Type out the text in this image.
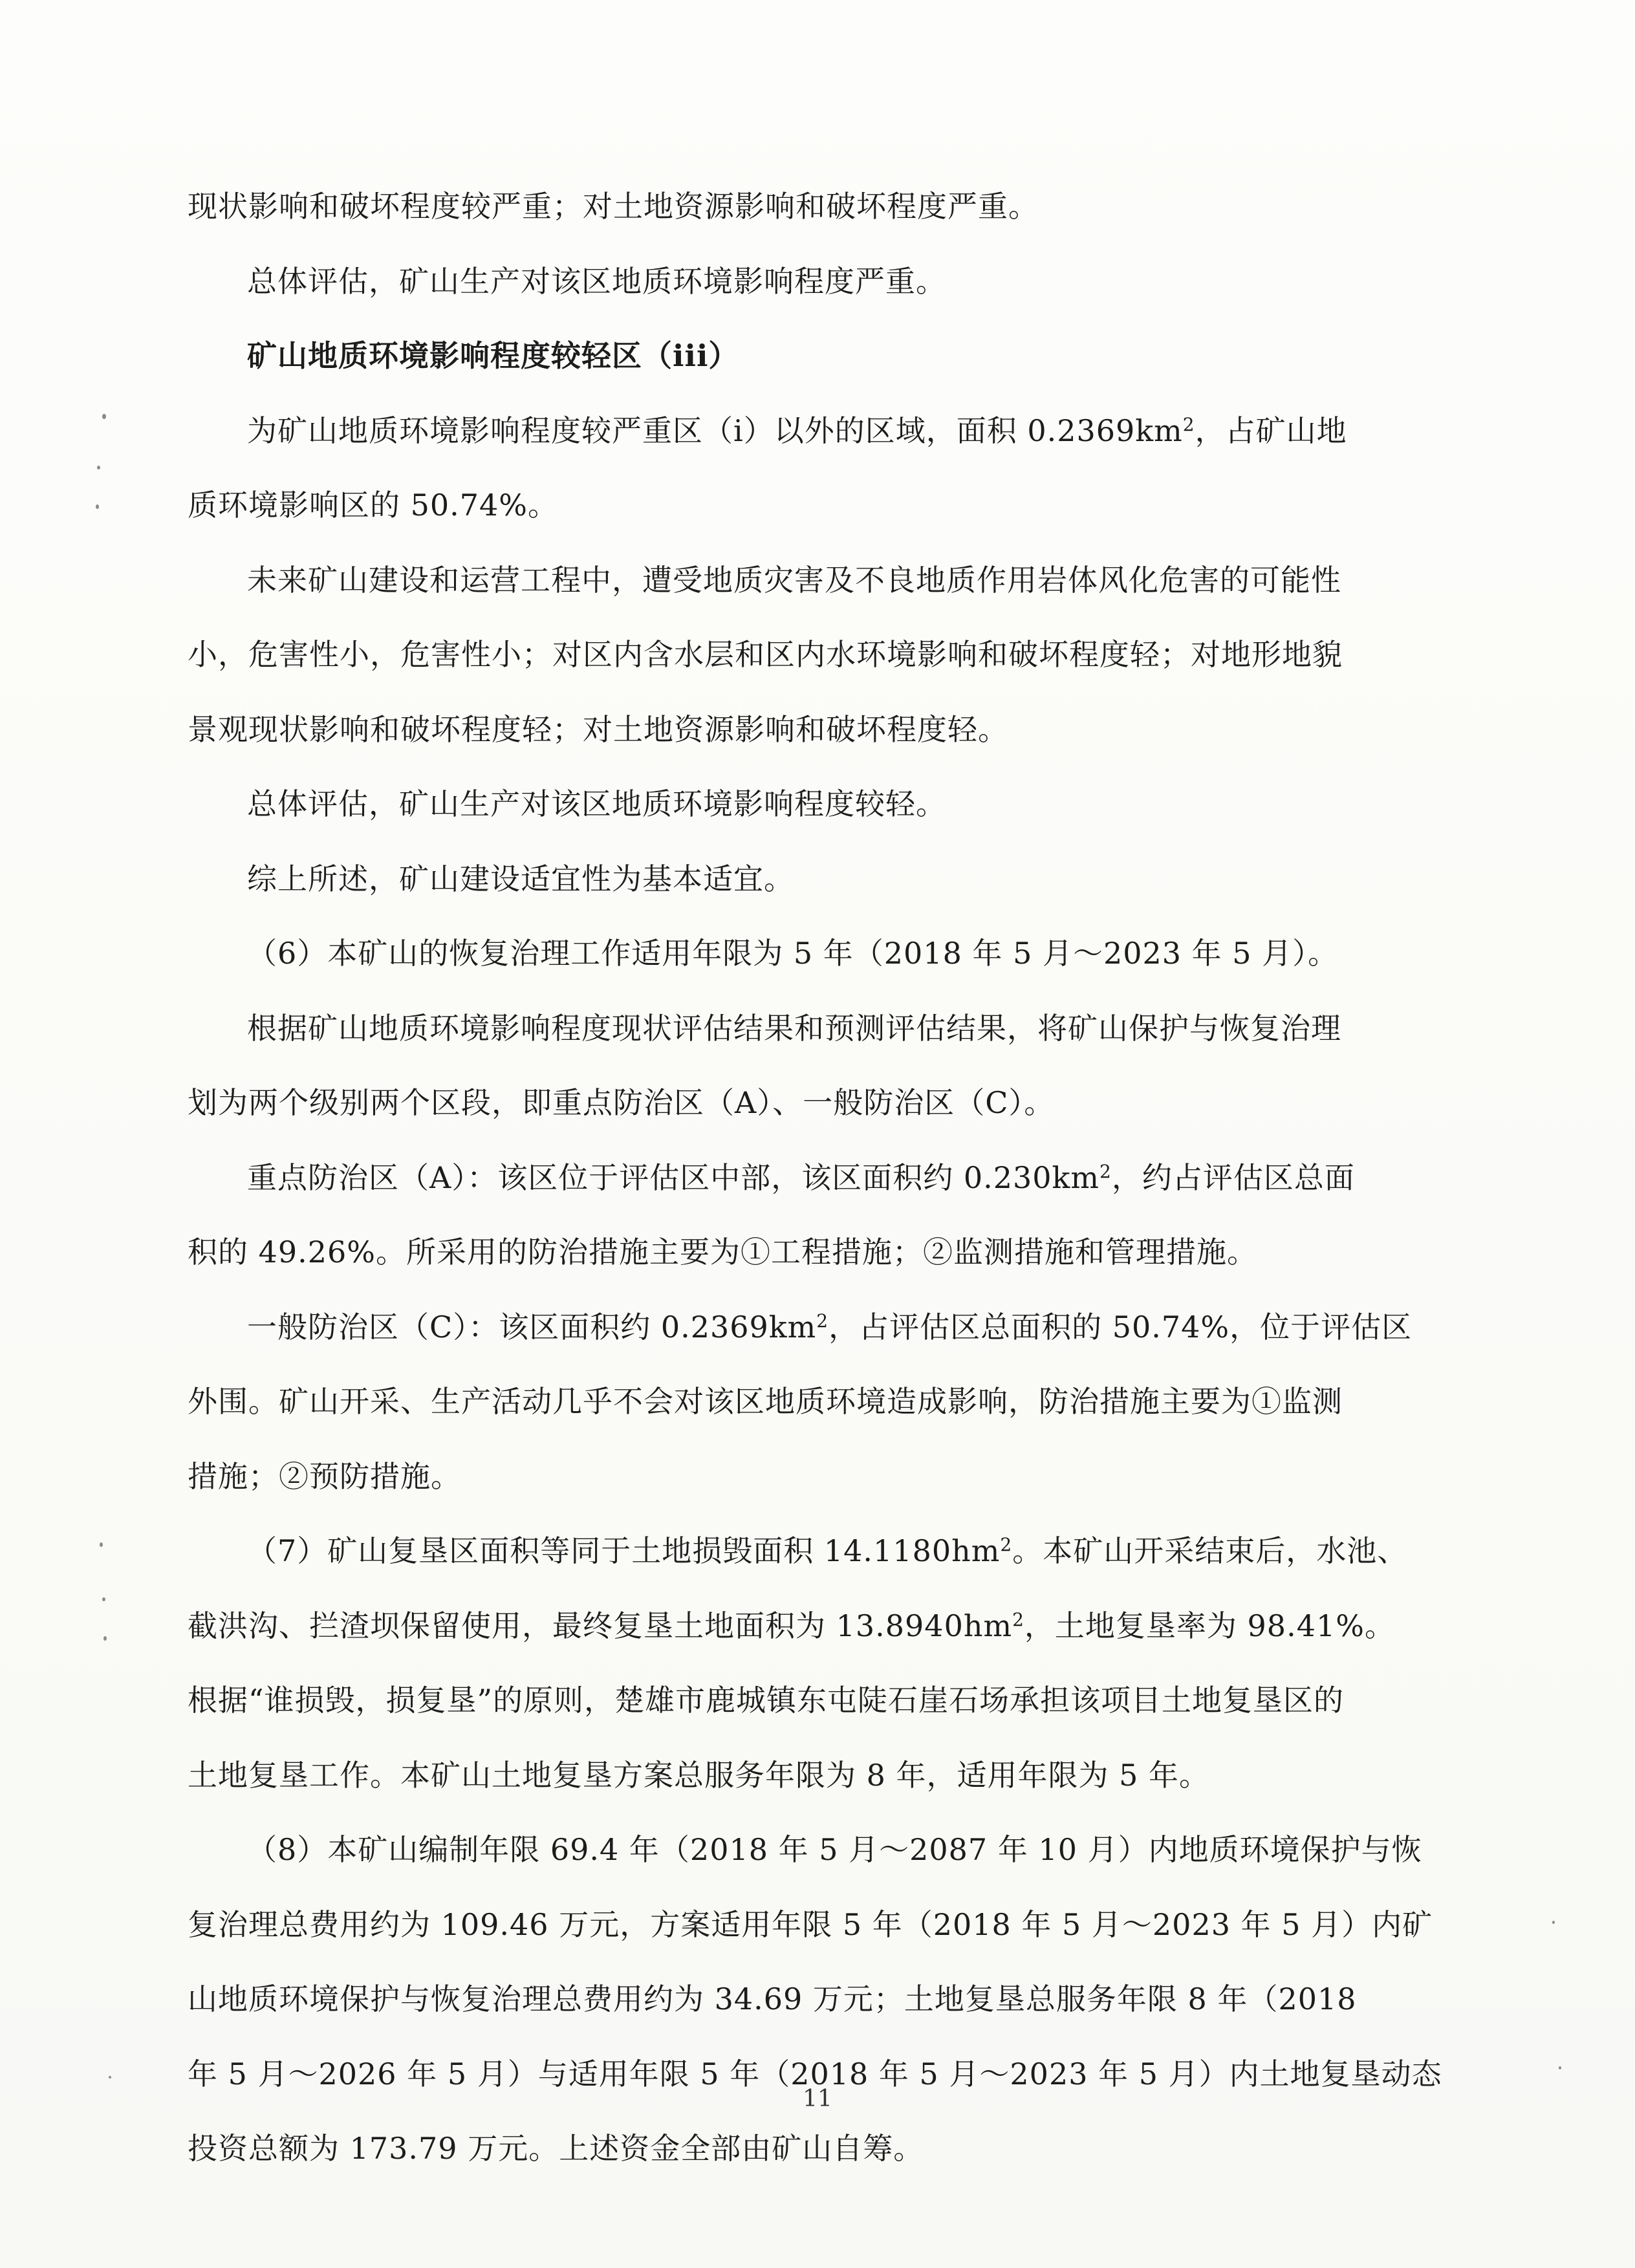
现状影响和破坏程度较严重；对土地资源影响和破坏程度严重。
总体评估，矿山生产对该区地质环境影响程度严重。
矿山地质环境影响程度较轻区（iii）
为矿山地质环境影响程度较严重区（ⅰ）以外的区域，面积 $0.2369km^2$，占矿山地
质环境影响区的 50.74%。
未来矿山建设和运营工程中，遭受地质灾害及不良地质作用岩体风化危害的可能性
小，危害性小，危害性小；对区内含水层和区内水环境影响和破坏程度轻；对地形地貌
景观现状影响和破坏程度轻；对土地资源影响和破坏程度轻。
总体评估，矿山生产对该区地质环境影响程度较轻。
综上所述，矿山建设适宜性为基本适宜。
（6）本矿山的恢复治理工作适用年限为 5 年（2018 年 5 月～2023 年 5 月）。
根据矿山地质环境影响程度现状评估结果和预测评估结果，将矿山保护与恢复治理
划为两个级别两个区段，即重点防治区（A）、一般防治区（C）。
重点防治区（A）：该区位于评估区中部，该区面积约 $0.230km^2$，约占评估区总面
积的 49.26%。所采用的防治措施主要为①工程措施；②监测措施和管理措施。
一般防治区（C）：该区面积约 $0.2369km^2$，占评估区总面积的 50.74%，位于评估区
外围。矿山开采、生产活动几乎不会对该区地质环境造成影响，防治措施主要为①监测
措施；②预防措施。
（7）矿山复垦区面积等同于土地损毁面积 $14.1180hm^2$。本矿山开采结束后，水池、
截洪沟、拦渣坝保留使用，最终复垦土地面积为 $13.8940hm^2$，土地复垦率为 98.41%。
根据“谁损毁，损复垦”的原则，楚雄市鹿城镇东屯陡石崖石场承担该项目土地复垦区的
土地复垦工作。本矿山土地复垦方案总服务年限为 8 年，适用年限为 5 年。
（8）本矿山编制年限 69.4 年（2018 年 5 月～2087 年 10 月）内地质环境保护与恢
复治理总费用约为 109.46 万元，方案适用年限 5 年（2018 年 5 月～2023 年 5 月）内矿
山地质环境保护与恢复治理总费用约为 34.69 万元；土地复垦总服务年限 8 年（2018
年 5 月～2026 年 5 月）与适用年限 5 年（2018 年 5 月～2023 年 5 月）内土地复垦动态
投资总额为 173.79 万元。上述资金全部由矿山自筹。
11
